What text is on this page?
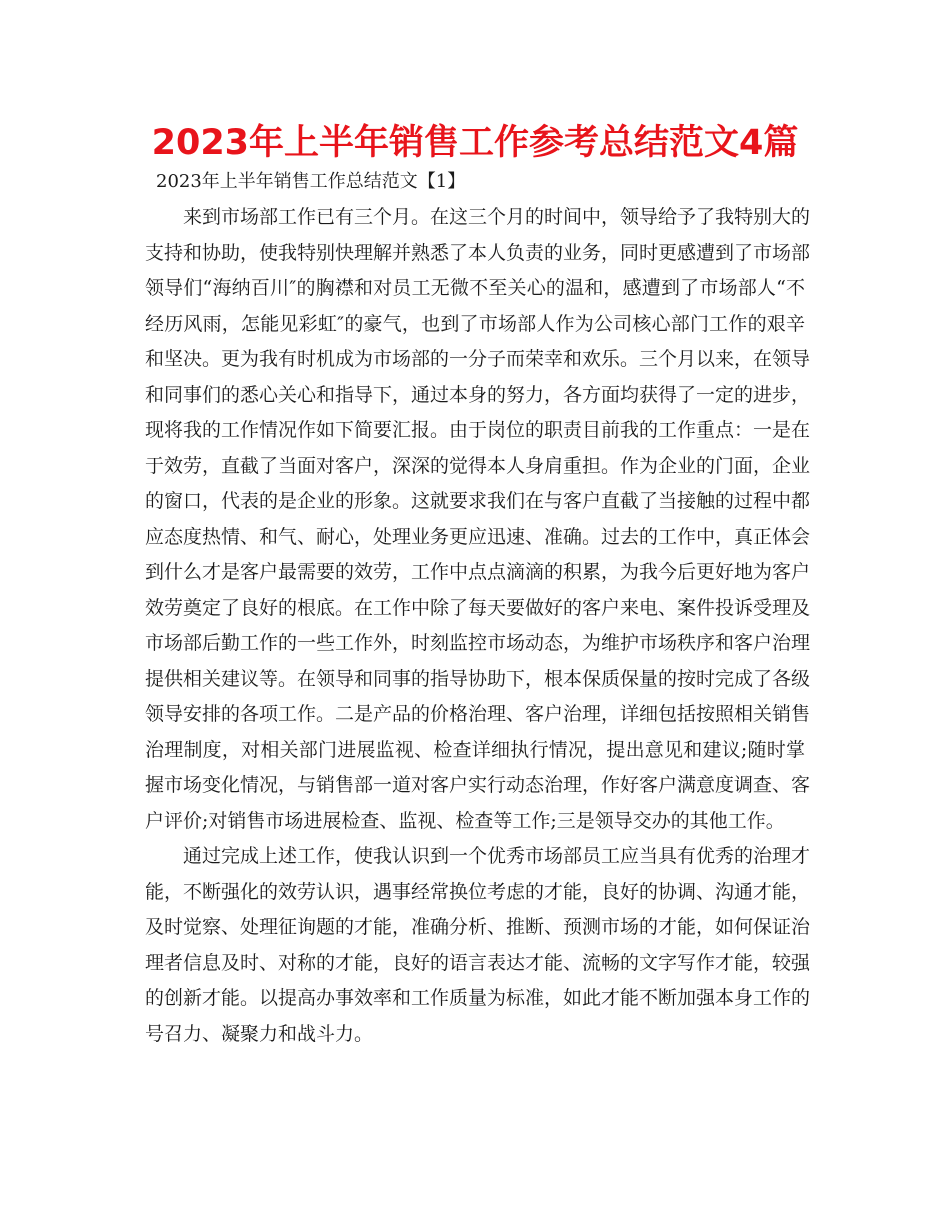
2023年上半年销售工作参考总结范文4篇
2023年上半年销售工作总结范文【1】
来到市场部工作已有三个月。在这三个月的时间中，领导给予了我特别大的
支持和协助，使我特别快理解并熟悉了本人负责的业务，同时更感遭到了市场部
领导们“海纳百川″的胸襟和对员工无微不至关心的温和，感遭到了市场部人“不
经历风雨，怎能见彩虹″的豪气，也到了市场部人作为公司核心部门工作的艰辛
和坚决。更为我有时机成为市场部的一分子而荣幸和欢乐。三个月以来，在领导
和同事们的悉心关心和指导下，通过本身的努力，各方面均获得了一定的进步，
现将我的工作情况作如下简要汇报。由于岗位的职责目前我的工作重点：一是在
于效劳，直截了当面对客户，深深的觉得本人身肩重担。作为企业的门面，企业
的窗口，代表的是企业的形象。这就要求我们在与客户直截了当接触的过程中都
应态度热情、和气、耐心，处理业务更应迅速、准确。过去的工作中，真正体会
到什么才是客户最需要的效劳，工作中点点滴滴的积累，为我今后更好地为客户
效劳奠定了良好的根底。在工作中除了每天要做好的客户来电、案件投诉受理及
市场部后勤工作的一些工作外，时刻监控市场动态，为维护市场秩序和客户治理
提供相关建议等。在领导和同事的指导协助下，根本保质保量的按时完成了各级
领导安排的各项工作。二是产品的价格治理、客户治理，详细包括按照相关销售
治理制度，对相关部门进展监视、检查详细执行情况，提出意见和建议;随时掌
握市场变化情况，与销售部一道对客户实行动态治理，作好客户满意度调查、客
户评价;对销售市场进展检查、监视、检查等工作;三是领导交办的其他工作。
通过完成上述工作，使我认识到一个优秀市场部员工应当具有优秀的治理才
能，不断强化的效劳认识，遇事经常换位考虑的才能，良好的协调、沟通才能，
及时觉察、处理征询题的才能，准确分析、推断、预测市场的才能，如何保证治
理者信息及时、对称的才能，良好的语言表达才能、流畅的文字写作才能，较强
的创新才能。以提高办事效率和工作质量为标准，如此才能不断加强本身工作的
号召力、凝聚力和战斗力。
